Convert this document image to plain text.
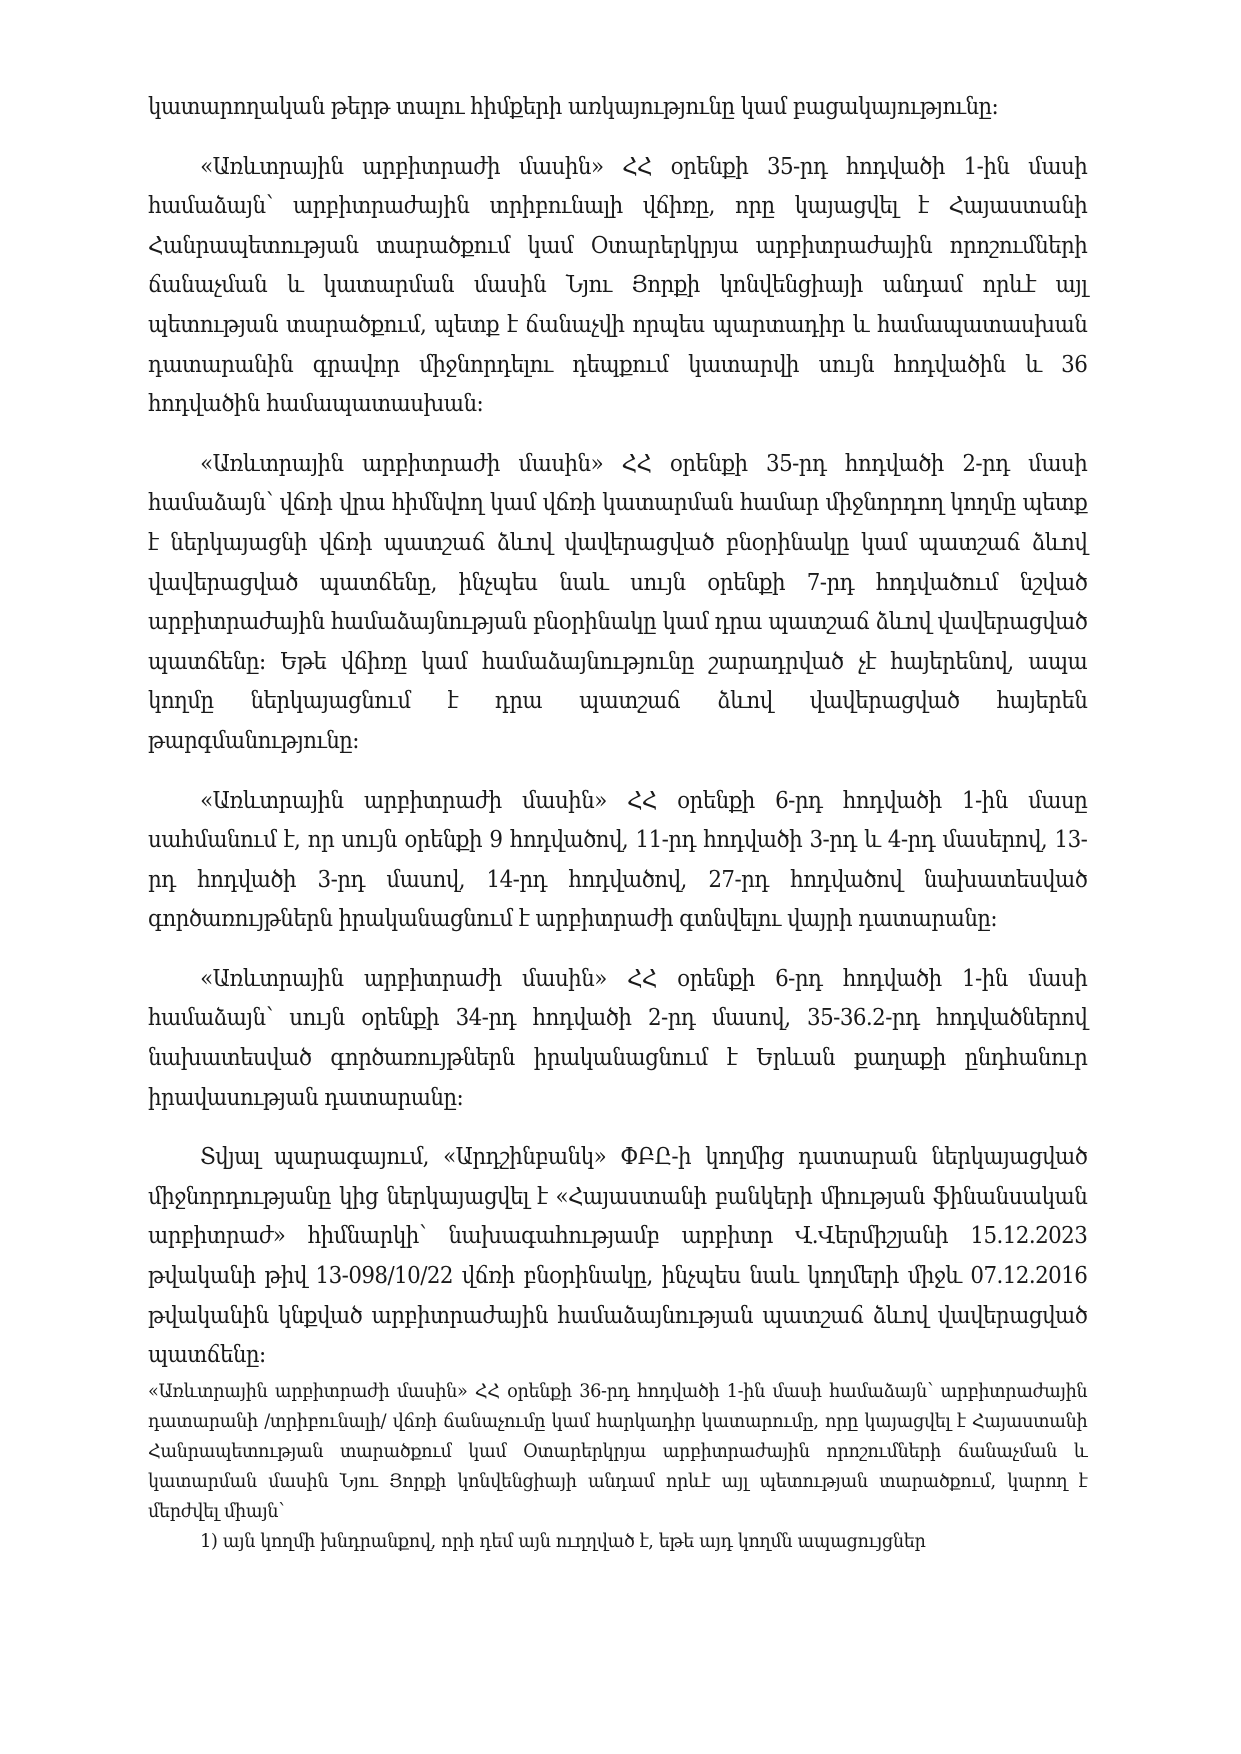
կատարողական թերթ տալու հիմքերի առկայությունը կամ բացակայությունը:

«Առևտրային արբիտրաժի մասին» ՀՀ օրենքի 35-րդ հոդվածի 1-ին մասի համաձայն՝ արբիտրաժային տրիբունալի վճիռը, որը կայացվել է Հայաստանի Հանրապետության տարածքում կամ Օտարերկրյա արբիտրաժային որոշումների ճանաչման և կատարման մասին Նյու Յորքի կոնվենցիայի անդամ որևէ այլ պետության տարածքում, պետք է ճանաչվի որպես պարտադիր և համապատասխան դատարանին գրավոր միջնորդելու դեպքում կատարվի սույն հոդվածին և 36 հոդվածին համապատասխան:

«Առևտրային արբիտրաժի մասին» ՀՀ օրենքի 35-րդ հոդվածի 2-րդ մասի համաձայն՝ վճռի վրա հիմնվող կամ վճռի կատարման համար միջնորդող կողմը պետք է ներկայացնի վճռի պատշաճ ձևով վավերացված բնօրինակը կամ պատշաճ ձևով վավերացված պատճենը, ինչպես նաև սույն օրենքի 7-րդ հոդվածում նշված արբիտրաժային համաձայնության բնօրինակը կամ դրա պատշաճ ձևով վավերացված պատճենը: Եթե վճիռը կամ համաձայնությունը շարադրված չէ հայերենով, ապա կողմը ներկայացնում է դրա պատշաճ ձևով վավերացված հայերեն թարգմանությունը:

«Առևտրային արբիտրաժի մասին» ՀՀ օրենքի 6-րդ հոդվածի 1-ին մասը սահմանում է, որ սույն օրենքի 9 հոդվածով, 11-րդ հոդվածի 3-րդ և 4-րդ մասերով, 13-րդ հոդվածի 3-րդ մասով, 14-րդ հոդվածով, 27-րդ հոդվածով նախատեսված գործառույթներն իրականացնում է արբիտրաժի գտնվելու վայրի դատարանը:

«Առևտրային արբիտրաժի մասին» ՀՀ օրենքի 6-րդ հոդվածի 1-ին մասի համաձայն՝ սույն օրենքի 34-րդ հոդվածի 2-րդ մասով, 35-36.2-րդ հոդվածներով նախատեսված գործառույթներն իրականացնում է Երևան քաղաքի ընդհանուր իրավասության դատարանը:

Տվյալ պարագայում, «Արդշինբանկ» ՓԲԸ-ի կողմից դատարան ներկայացված միջնորդությանը կից ներկայացվել է «Հայաստանի բանկերի միության ֆինանսական արբիտրաժ» հիմնարկի՝ նախագահությամբ արբիտր Վ.Վերմիշյանի 15.12.2023 թվականի թիվ 13-098/10/22 վճռի բնօրինակը, ինչպես նաև կողմերի միջև 07.12.2016 թվականին կնքված արբիտրաժային համաձայնության պատշաճ ձևով վավերացված պատճենը:

«Առևտրային արբիտրաժի մասին» ՀՀ օրենքի 36-րդ հոդվածի 1-ին մասի համաձայն՝ արբիտրաժային դատարանի /տրիբունալի/ վճռի ճանաչումը կամ հարկադիր կատարումը, որը կայացվել է Հայաստանի Հանրապետության տարածքում կամ Օտարերկրյա արբիտրաժային որոշումների ճանաչման և կատարման մասին Նյու Յորքի կոնվենցիայի անդամ որևէ այլ պետության տարածքում, կարող է մերժվել միայն՝

1) այն կողմի խնդրանքով, որի դեմ այն ուղղված է, եթե այդ կողմն ապացույցներ
